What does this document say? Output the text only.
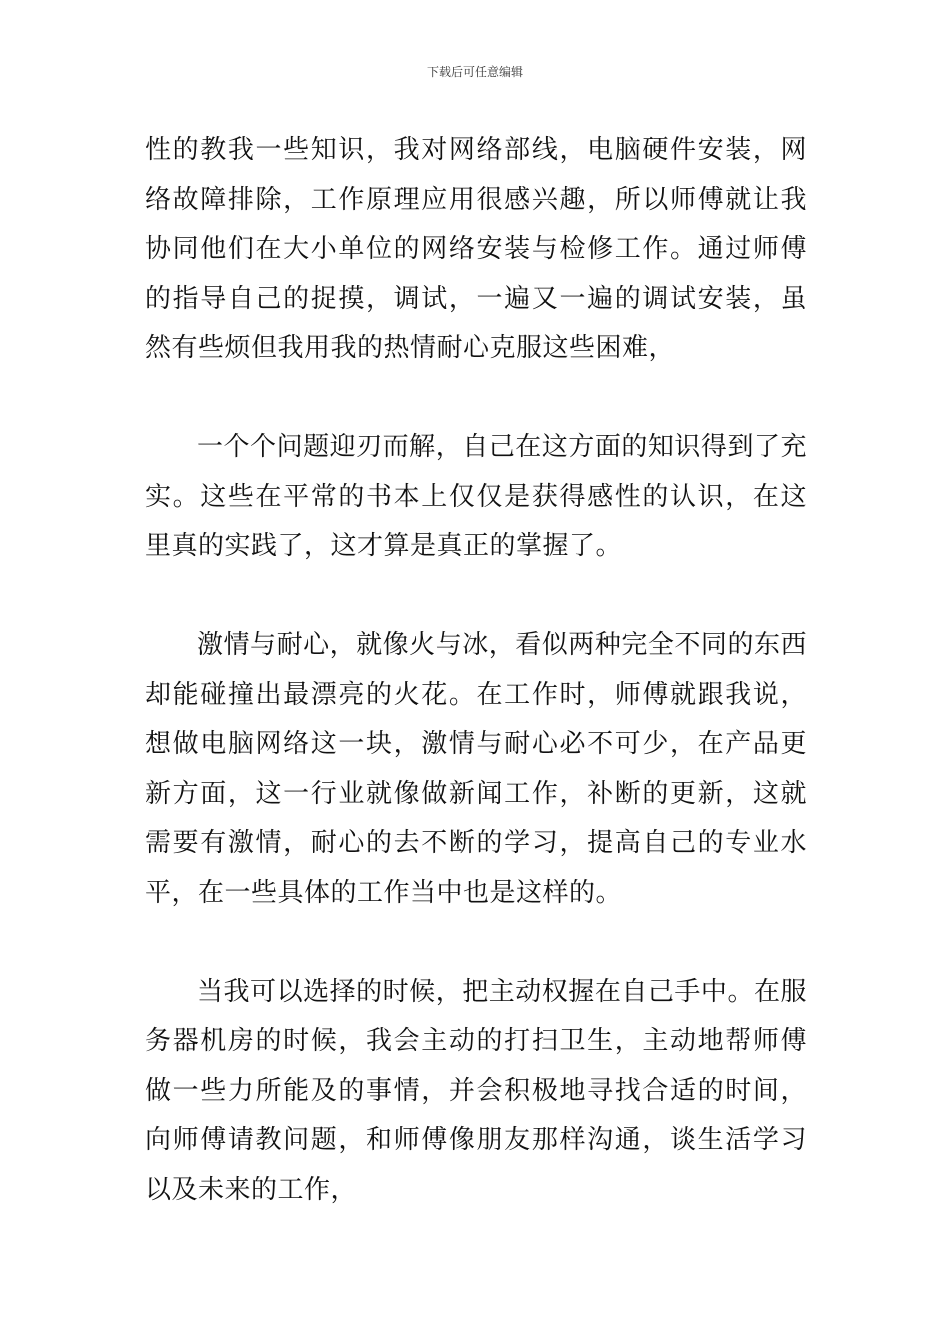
下载后可任意编辑

性的教我一些知识，我对网络部线，电脑硬件安装，网络故障排除，工作原理应用很感兴趣，所以师傅就让我协同他们在大小单位的网络安装与检修工作。通过师傅的指导自己的捉摸，调试，一遍又一遍的调试安装，虽然有些烦但我用我的热情耐心克服这些困难，

一个个问题迎刃而解，自己在这方面的知识得到了充实。这些在平常的书本上仅仅是获得感性的认识，在这里真的实践了，这才算是真正的掌握了。

激情与耐心，就像火与冰，看似两种完全不同的东西却能碰撞出最漂亮的火花。在工作时，师傅就跟我说，想做电脑网络这一块，激情与耐心必不可少，在产品更新方面，这一行业就像做新闻工作，补断的更新，这就需要有激情，耐心的去不断的学习，提高自己的专业水平，在一些具体的工作当中也是这样的。

当我可以选择的时候，把主动权握在自己手中。在服务器机房的时候，我会主动的打扫卫生，主动地帮师傅做一些力所能及的事情，并会积极地寻找合适的时间，向师傅请教问题，和师傅像朋友那样沟通，谈生活学习以及未来的工作，
